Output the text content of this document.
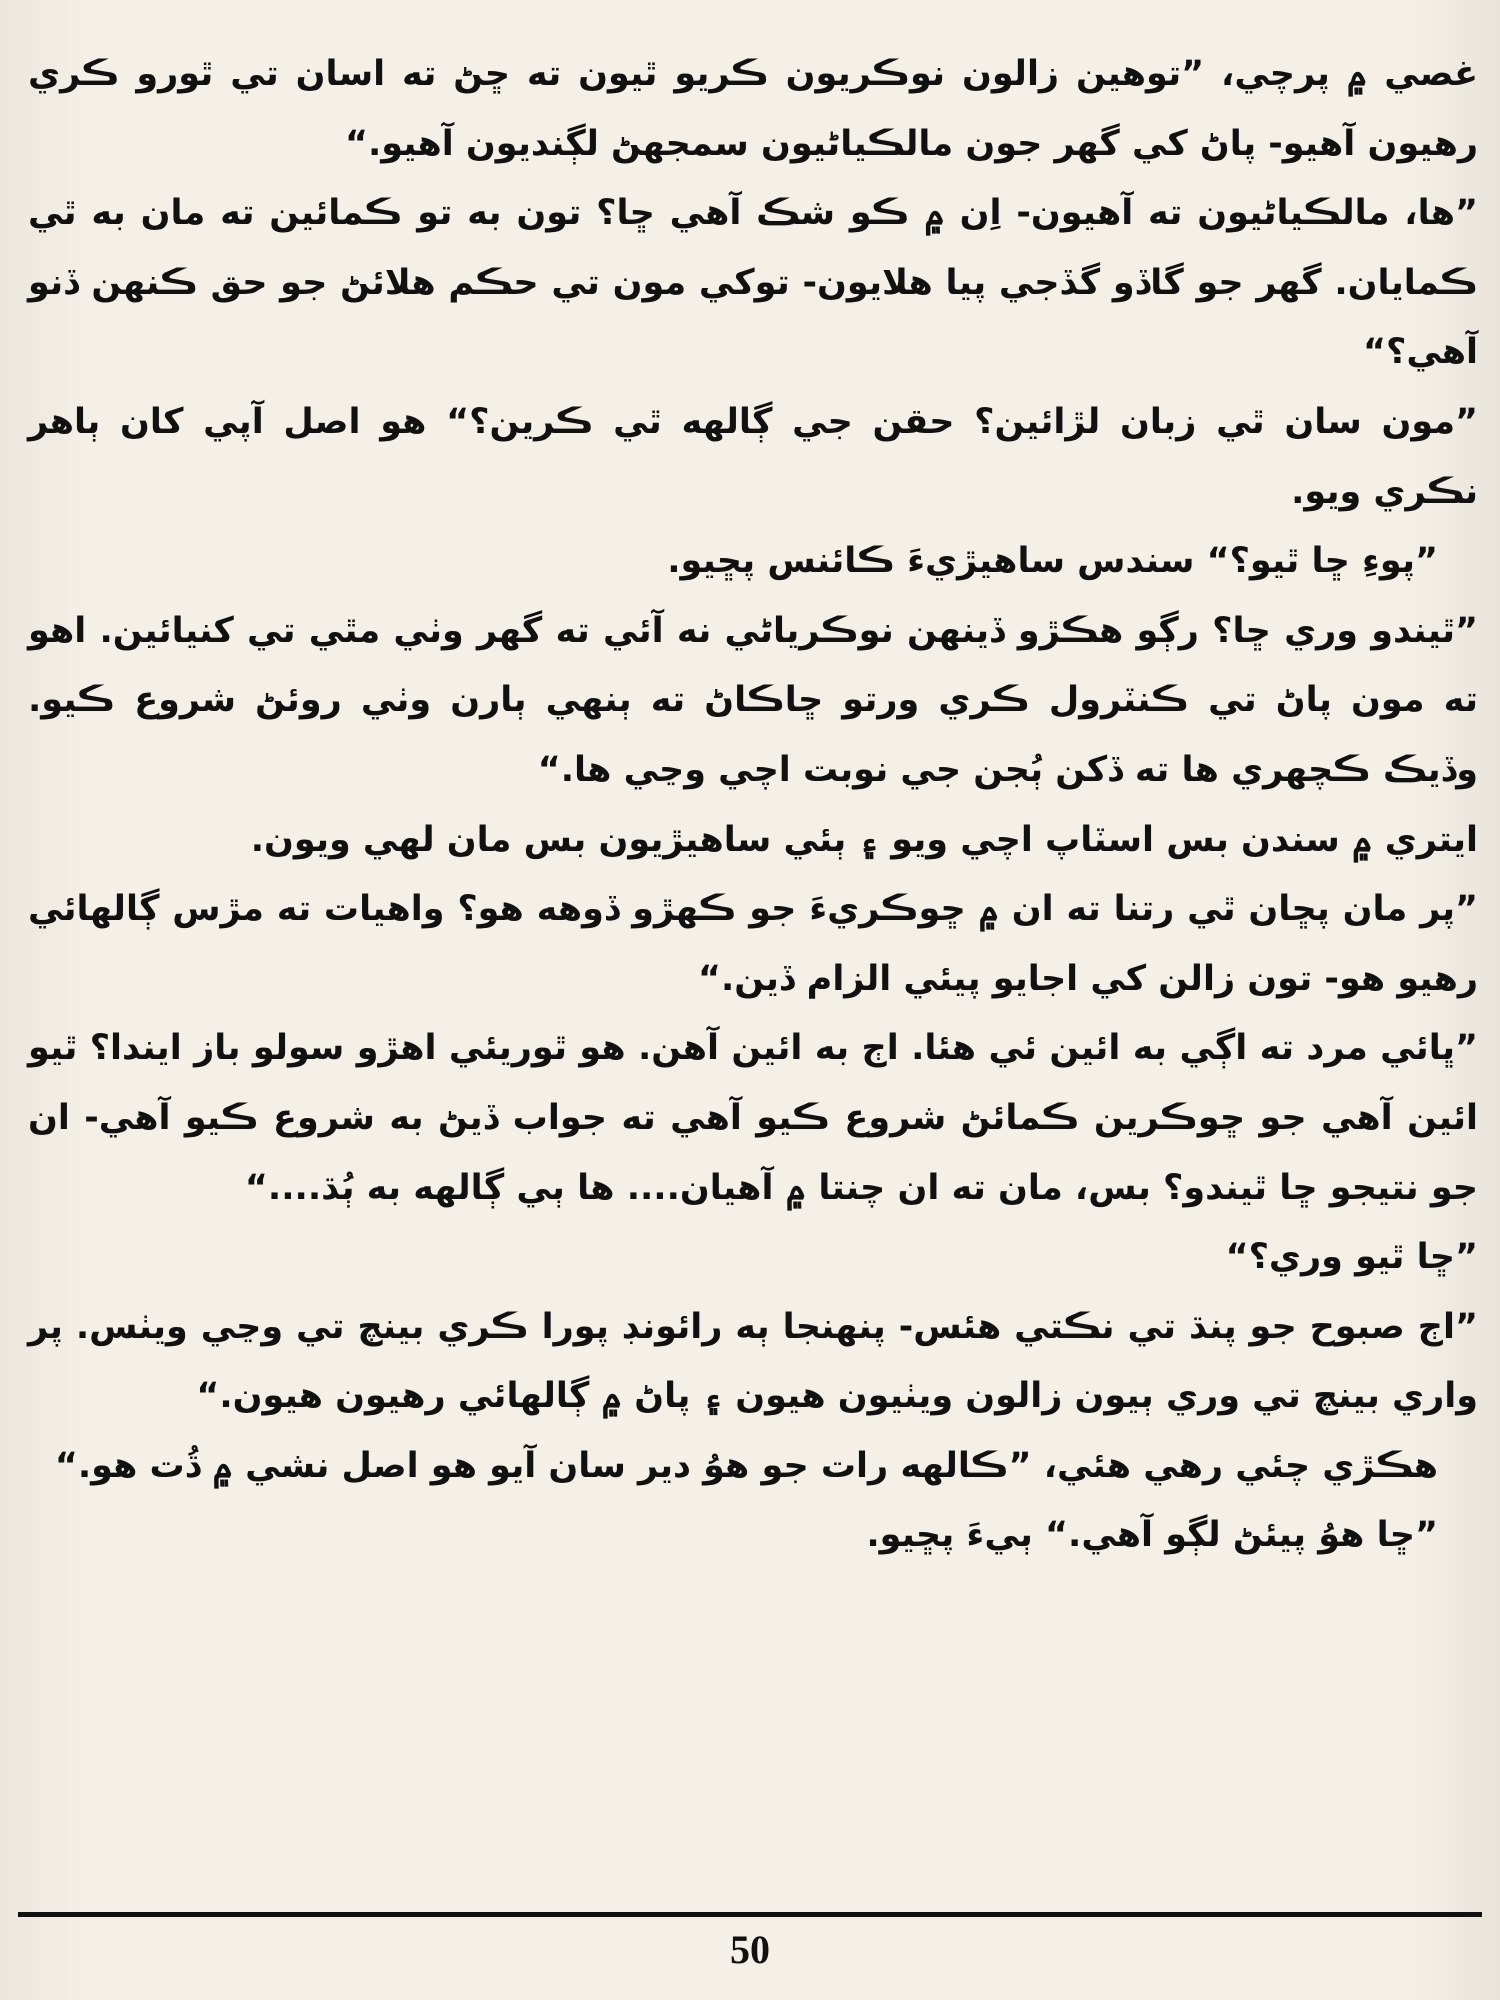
غصي ۾ پرچي، ”توهين زالون نوڪريون ڪريو ٿيون ته ڇڻ ته اسان تي ٿورو ڪري رهيون آهيو- پاڻ کي گهر جون مالڪياڻيون سمجهڻ لڳنديون آهيو.“

”ها، مالڪياڻيون ته آهيون- اِن ۾ ڪو شڪ آهي ڇا؟ تون به تو ڪمائين ته مان به ٿي ڪمايان. گهر جو گاڏو گڏجي پيا هلايون- توکي مون تي حڪم هلائڻ جو حق ڪنهن ڏنو آهي؟“

”مون سان ٿي زبان لڙائين؟ حقن جي ڳالهه ٿي ڪرين؟“ هو اصل آپي کان ٻاهر نڪري ويو.

”پوءِ ڇا ٿيو؟“ سندس ساهيڙيءَ ڪائنس پڇيو.

”ٿيندو وري ڇا؟ رڳو هڪڙو ڏينهن نوڪرياڻي نه آئي ته گهر وٺي مٿي تي کنيائين. اهو ته مون پاڻ تي ڪنٽرول ڪري ورتو ڇاڪاڻ ته ٻنهي ٻارن وٺي روئڻ شروع ڪيو. وڏيڪ ڪچهري ها ته ڏکن ٻُجن جي نوبت اچي وڃي ها.“

ايتري ۾ سندن بس اسٽاپ اچي ويو ۽ ٻئي ساهيڙيون بس مان لهي ويون.

”پر مان پڇان ٿي رتنا ته ان ۾ ڇوڪريءَ جو ڪهڙو ڏوهه هو؟ واهيات ته مڙس ڳالهائي رهيو هو- تون زالن کي اجايو پيئي الزام ڏين.“

”ڀائي مرد ته اڳي به ائين ئي هئا. اڄ به ائين آهن. هو ٿوريئي اهڙو سولو باز ايندا؟ ٿيو ائين آهي جو ڇوڪرين ڪمائڻ شروع ڪيو آهي ته جواب ڏيڻ به شروع ڪيو آهي- ان جو نتيجو ڇا ٿيندو؟ بس، مان ته ان چنتا ۾ آهيان.... ها ٻي ڳالهه به ٻُڌ....“

”ڇا ٿيو وري؟“

”اڄ صبوح جو پنڌ تي نڪتي هئس- پنهنجا ٻه رائونڊ پورا ڪري بينچ تي وڃي ويٺس. پر واري بينچ تي وري ٻيون زالون ويٺيون هيون ۽ پاڻ ۾ ڳالهائي رهيون هيون.“

هڪڙي چئي رهي هئي، ”ڪالهه رات جو هوُ دير سان آيو هو اصل نشي ۾ ڌُت هو.“

”ڇا هوُ پيئڻ لڳو آهي.“ ٻيءَ پڇيو.

50
